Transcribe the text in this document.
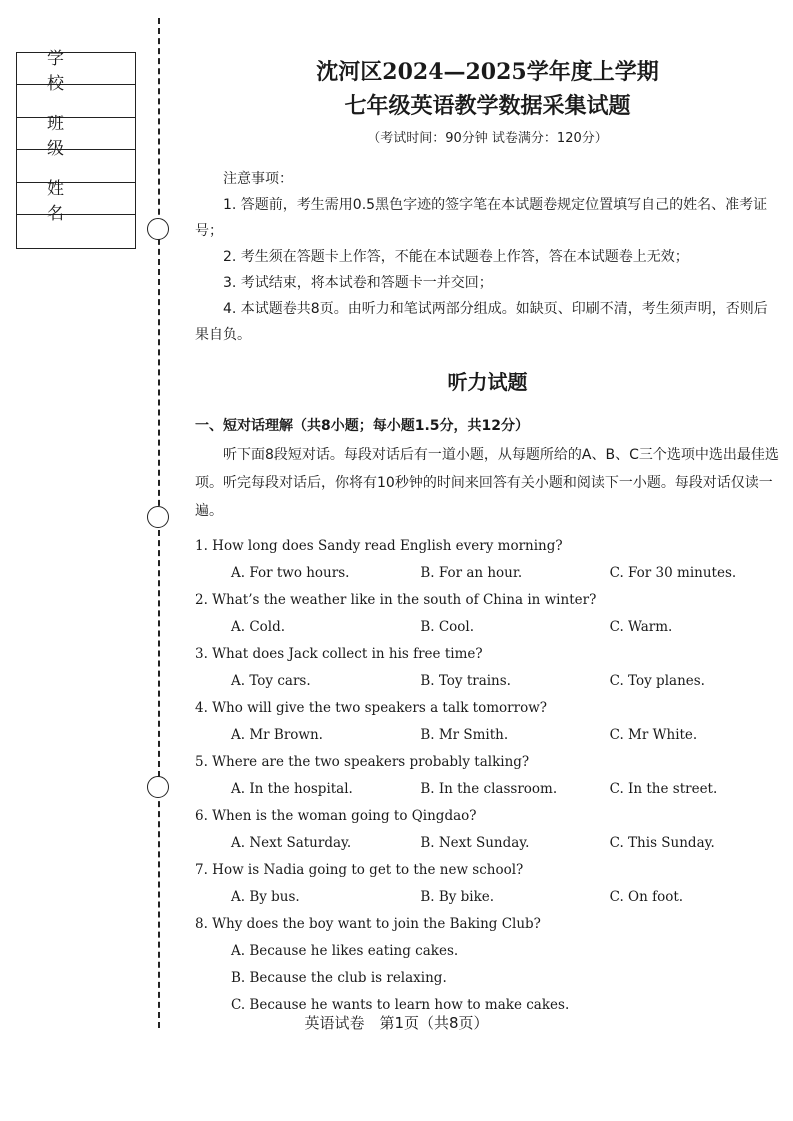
学 校
班 级
姓 名
沈河区2024—2025学年度上学期
七年级英语教学数据采集试题

（考试时间：90分钟 试卷满分：120分）

注意事项：

1. 答题前，考生需用0.5黑色字迹的签字笔在本试题卷规定位置填写自己的姓名、准考证号；

2. 考生须在答题卡上作答，不能在本试题卷上作答，答在本试题卷上无效；

3. 考试结束，将本试卷和答题卡一并交回；

4. 本试题卷共8页。由听力和笔试两部分组成。如缺页、印刷不清，考生须声明，否则后果自负。

听力试题

一、短对话理解（共8小题；每小题1.5分，共12分）

听下面8段短对话。每段对话后有一道小题，从每题所给的A、B、C三个选项中选出最佳选项。听完每段对话后，你将有10秒钟的时间来回答有关小题和阅读下一小题。每段对话仅读一遍。

1. How long does Sandy read English every morning?

A. For two hours.	B. For an hour.	C. For 30 minutes.

2. What’s the weather like in the south of China in winter?

A. Cold.	B. Cool.	C. Warm.

3. What does Jack collect in his free time?

A. Toy cars.	B. Toy trains.	C. Toy planes.

4. Who will give the two speakers a talk tomorrow?

A. Mr Brown.	B. Mr Smith.	C. Mr White.

5. Where are the two speakers probably talking?

A. In the hospital.	B. In the classroom.	C. In the street.

6. When is the woman going to Qingdao?

A. Next Saturday.	B. Next Sunday.	C. This Sunday.

7. How is Nadia going to get to the new school?

A. By bus.	B. By bike.	C. On foot.

8. Why does the boy want to join the Baking Club?

A. Because he likes eating cakes.

B. Because the club is relaxing.

C. Because he wants to learn how to make cakes.

英语试卷　第1页（共8页）
